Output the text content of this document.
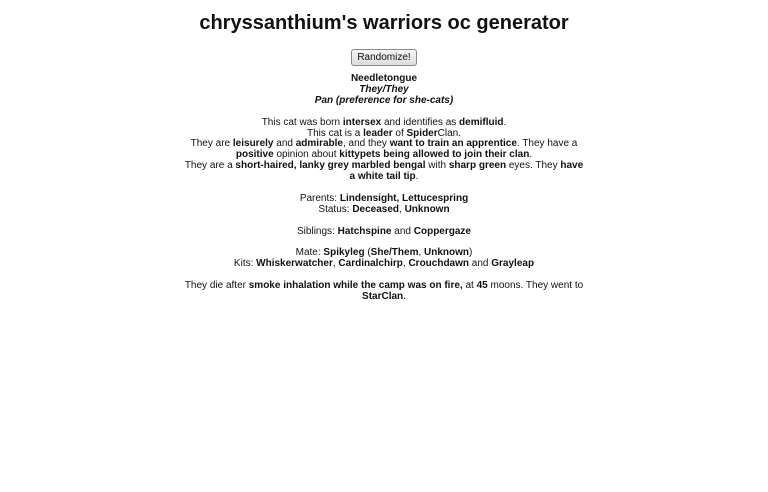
chryssanthium's warriors oc generator
Randomize!

Needletongue
They/They
Pan (preference for she-cats)

This cat was born intersex and identifies as demifluid.
This cat is a leader of SpiderClan.
They are leisurely and admirable, and they want to train an apprentice. They have a positive opinion about kittypets being allowed to join their clan.
They are a short-haired, lanky grey marbled bengal with sharp green eyes. They have a white tail tip.

Parents: Lindensight, Lettucespring
Status: Deceased, Unknown

Siblings: Hatchspine and Coppergaze

Mate: Spikyleg (She/Them, Unknown)
Kits: Whiskerwatcher, Cardinalchirp, Crouchdawn and Grayleap

They die after smoke inhalation while the camp was on fire, at 45 moons. They went to StarClan.
